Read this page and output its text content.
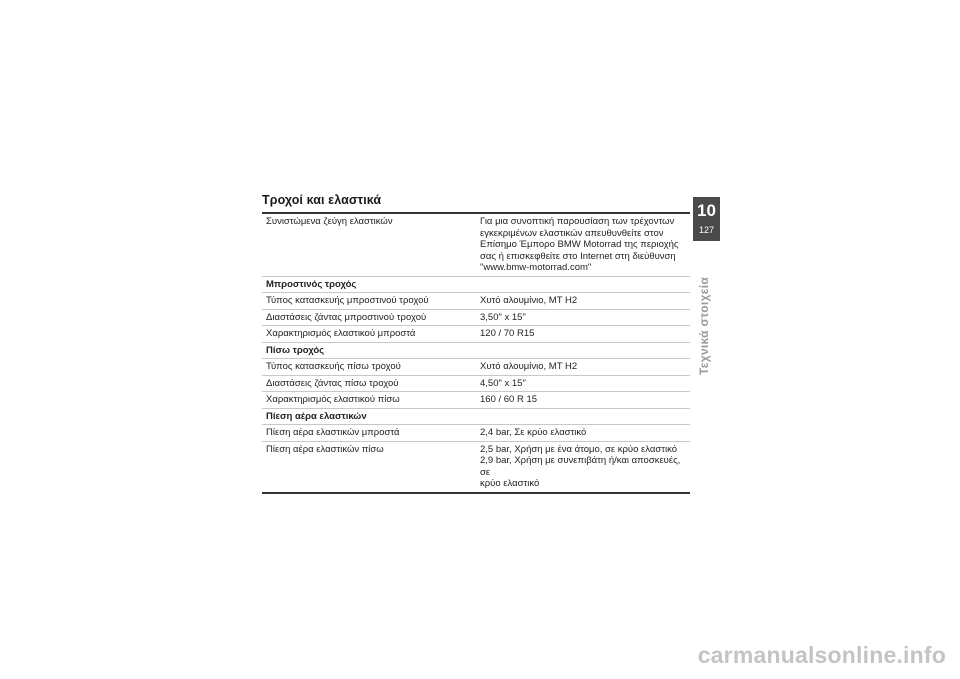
Τροχοί και ελαστικά
Συνιστώμενα ζεύγη ελαστικών	Για μια συνοπτική παρουσίαση των τρέχοντων
εγκεκριμένων ελαστικών απευθυνθείτε στον
Επίσημο Έμπορο BMW Motorrad της περιοχής
σας ή επισκεφθείτε στο Internet στη διεύθυνση
"www.bmw-motorrad.com"
Μπροστινός τροχός
Τύπος κατασκευής μπροστινού τροχού	Χυτό αλουμίνιο, MT H2
Διαστάσεις ζάντας μπροστινού τροχού	3,50" x 15"
Χαρακτηρισμός ελαστικού μπροστά	120 / 70 R15
Πίσω τροχός
Τύπος κατασκευής πίσω τροχού	Χυτό αλουμίνιο, MT H2
Διαστάσεις ζάντας πίσω τροχού	4,50" x 15"
Χαρακτηρισμός ελαστικού πίσω	160 / 60 R 15
Πίεση αέρα ελαστικών
Πίεση αέρα ελαστικών μπροστά	2,4 bar, Σε κρύο ελαστικό
Πίεση αέρα ελαστικών πίσω	2,5 bar, Χρήση με ένα άτομο, σε κρύο ελαστικό
2,9 bar, Χρήση με συνεπιβάτη ή/και αποσκευές, σε
κρύο ελαστικό
10
127
Τεχνικά στοιχεία
carmanualsonline.info
